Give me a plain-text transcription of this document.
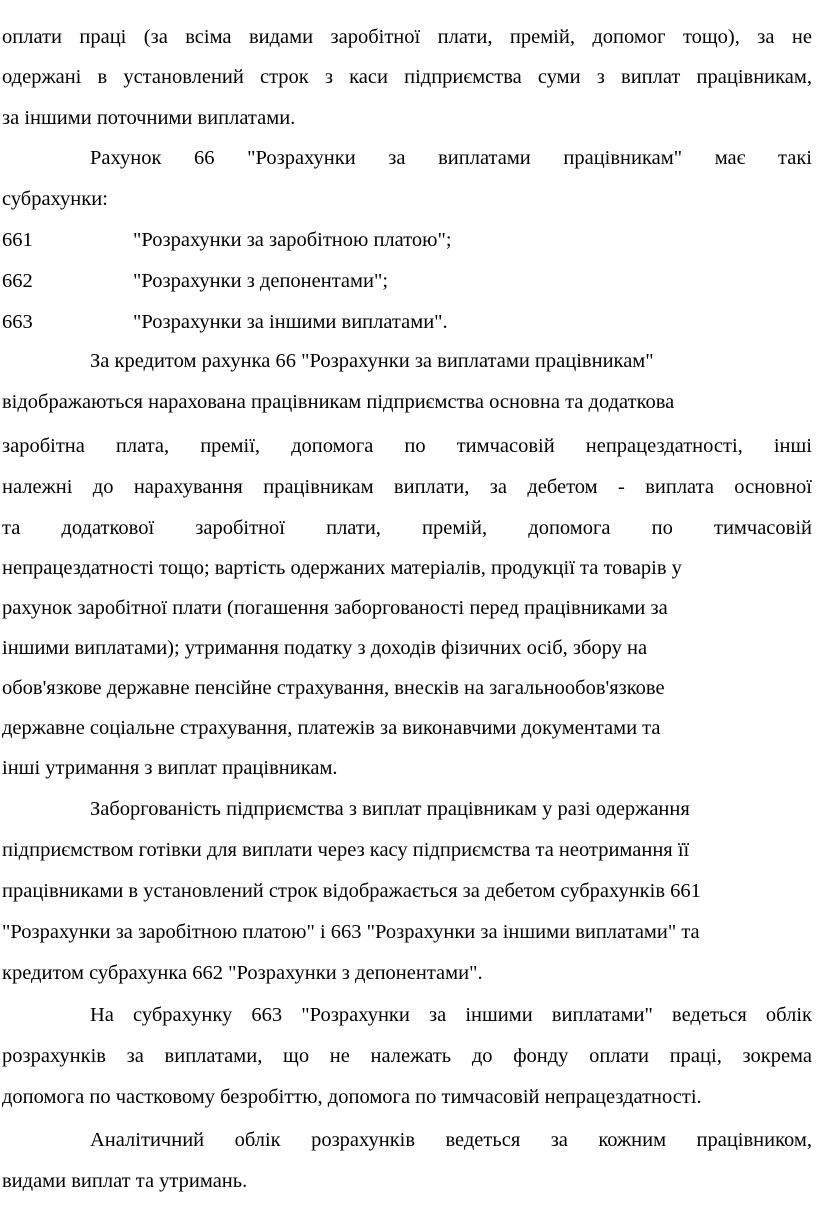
оплати праці (за всіма видами заробітної плати, премій, допомог тощо), за не
одержані в установлений строк з каси підприємства суми з виплат працівникам,
за іншими поточними виплатами.
Рахунок 66 "Розрахунки за виплатами працівникам" має такі
субрахунки:
661	"Розрахунки за заробітною платою";
662	"Розрахунки з депонентами";
663	"Розрахунки за іншими виплатами".
За кредитом рахунка 66 "Розрахунки за виплатами працівникам"
відображаються нарахована працівникам підприємства основна та додаткова
заробітна плата, премії, допомога по тимчасовій непрацездатності, інші
належні до нарахування працівникам виплати, за дебетом - виплата основної
та додаткової заробітної плати, премій, допомога по тимчасовій
непрацездатності тощо; вартість одержаних матеріалів, продукції та товарів у
рахунок заробітної плати (погашення заборгованості перед працівниками за
іншими виплатами); утримання податку з доходів фізичних осіб, збору на
обов'язкове державне пенсійне страхування, внесків на загальнообов'язкове
державне соціальне страхування, платежів за виконавчими документами та
інші утримання з виплат працівникам.
Заборгованість підприємства з виплат працівникам у разі одержання
підприємством готівки для виплати через касу підприємства та неотримання її
працівниками в установлений строк відображається за дебетом субрахунків 661
"Розрахунки за заробітною платою" і 663 "Розрахунки за іншими виплатами" та
кредитом субрахунка 662 "Розрахунки з депонентами".
На субрахунку 663 "Розрахунки за іншими виплатами" ведеться облік
розрахунків за виплатами, що не належать до фонду оплати праці, зокрема
допомога по частковому безробіттю, допомога по тимчасовій непрацездатності.
Аналітичний облік розрахунків ведеться за кожним працівником,
видами виплат та утримань.
